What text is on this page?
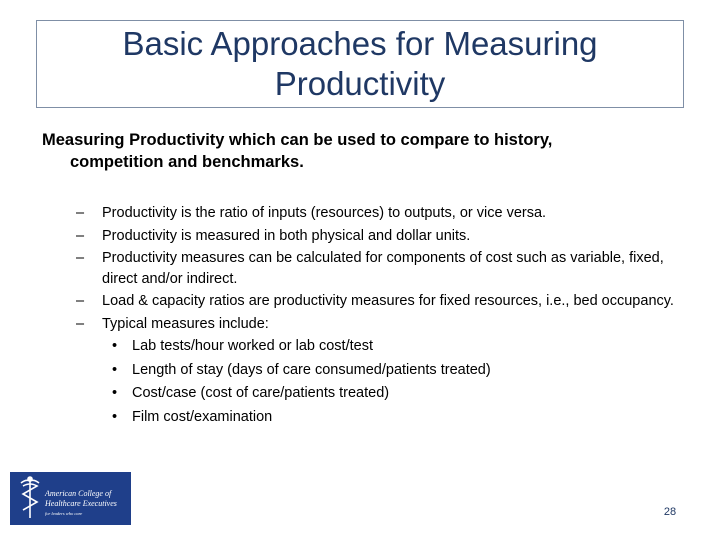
Basic Approaches for Measuring Productivity
Measuring Productivity which can be used to compare to history,
competition and benchmarks.
– Productivity is the ratio of inputs (resources) to outputs, or vice versa.
– Productivity is measured in both physical and dollar units.
– Productivity measures can be calculated for components of cost such as variable, fixed, direct and/or indirect.
– Load & capacity ratios are productivity measures for fixed resources, i.e., bed occupancy.
– Typical measures include:
• Lab tests/hour worked or lab cost/test
• Length of stay (days of care consumed/patients treated)
• Cost/case (cost of care/patients treated)
• Film cost/examination
American College of
Healthcare Executives
for leaders who care	28
